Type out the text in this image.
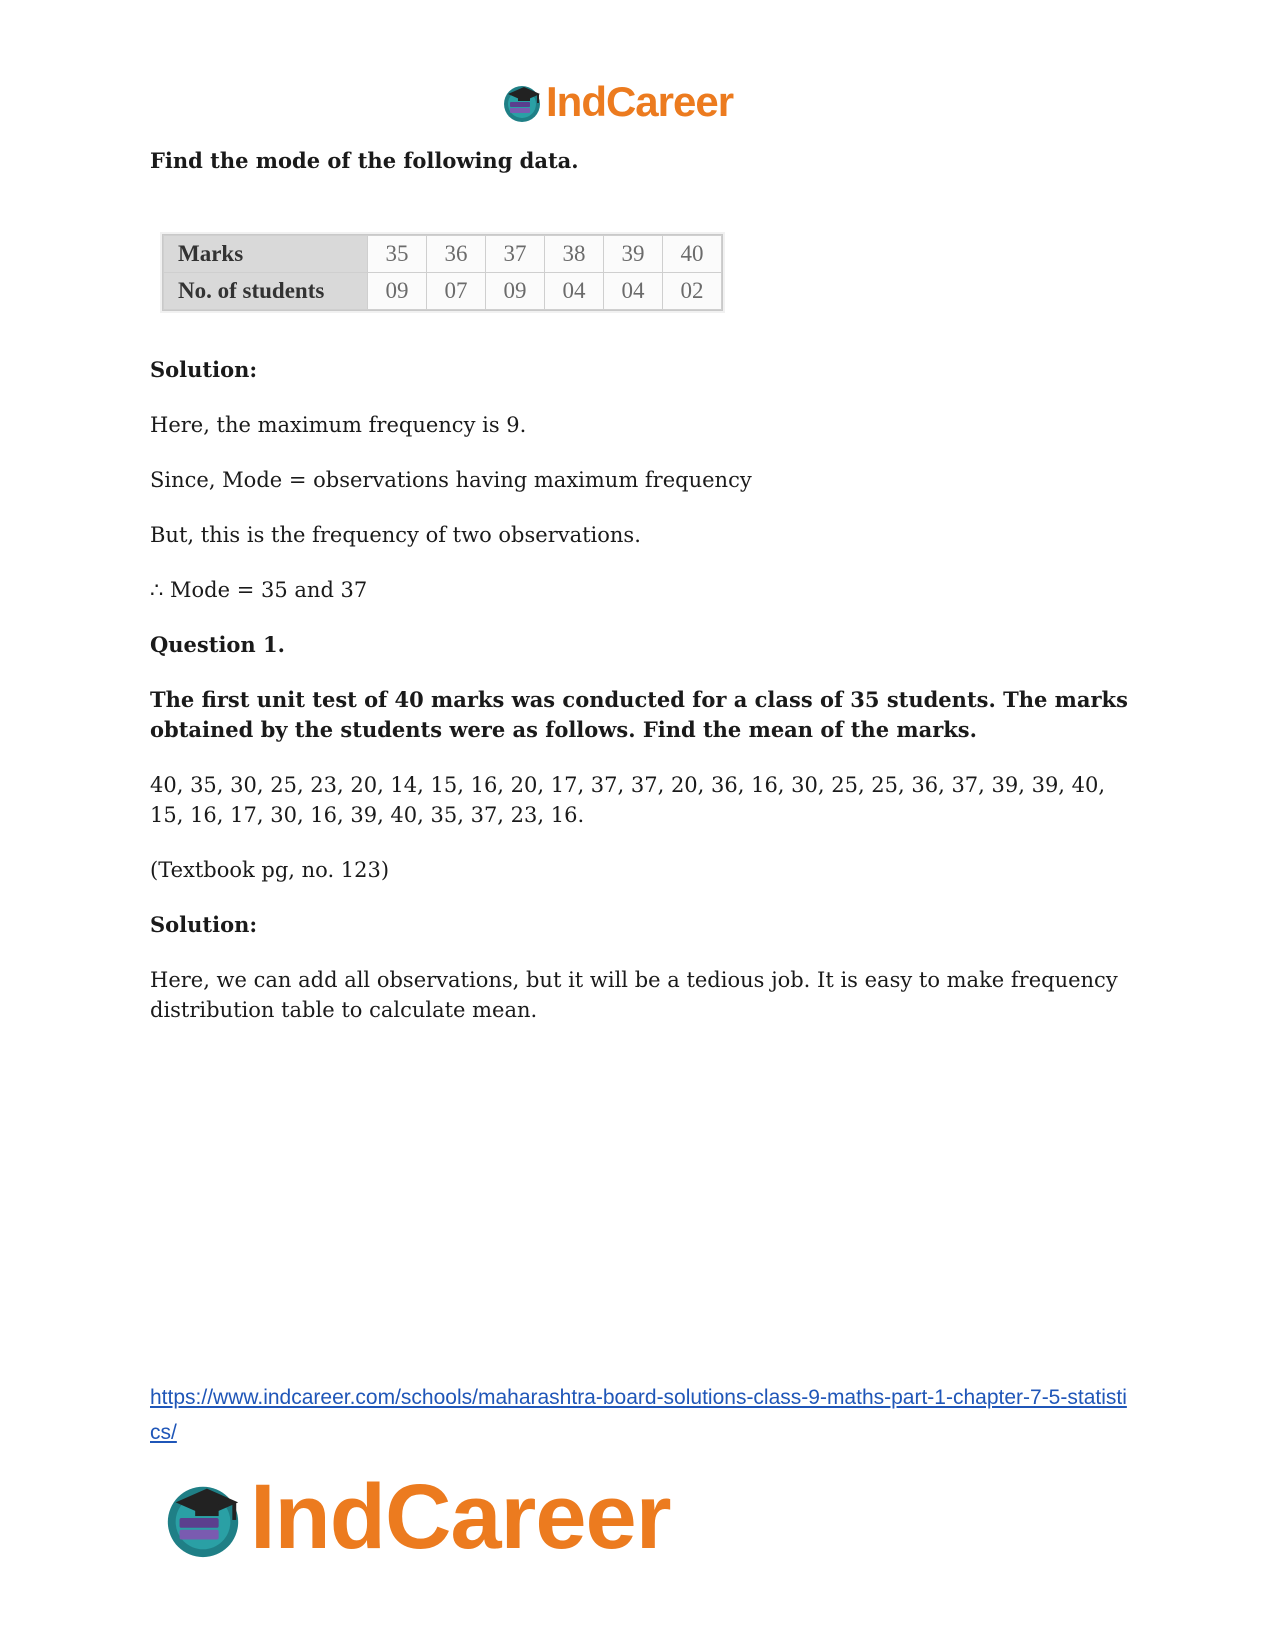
IndCareer

Find the mode of the following data.

Marks	35	36	37	38	39	40
No. of students	09	07	09	04	04	02

Solution:

Here, the maximum frequency is 9.

Since, Mode = observations having maximum frequency

But, this is the frequency of two observations.

∴ Mode = 35 and 37

Question 1.

The first unit test of 40 marks was conducted for a class of 35 students. The marks obtained by the students were as follows. Find the mean of the marks.

40, 35, 30, 25, 23, 20, 14, 15, 16, 20, 17, 37, 37, 20, 36, 16, 30, 25, 25, 36, 37, 39, 39, 40, 15, 16, 17, 30, 16, 39, 40, 35, 37, 23, 16.

(Textbook pg, no. 123)

Solution:

Here, we can add all observations, but it will be a tedious job. It is easy to make frequency distribution table to calculate mean.

https://www.indcareer.com/schools/maharashtra-board-solutions-class-9-maths-part-1-chapter-7-5-statistics/
IndCareer
